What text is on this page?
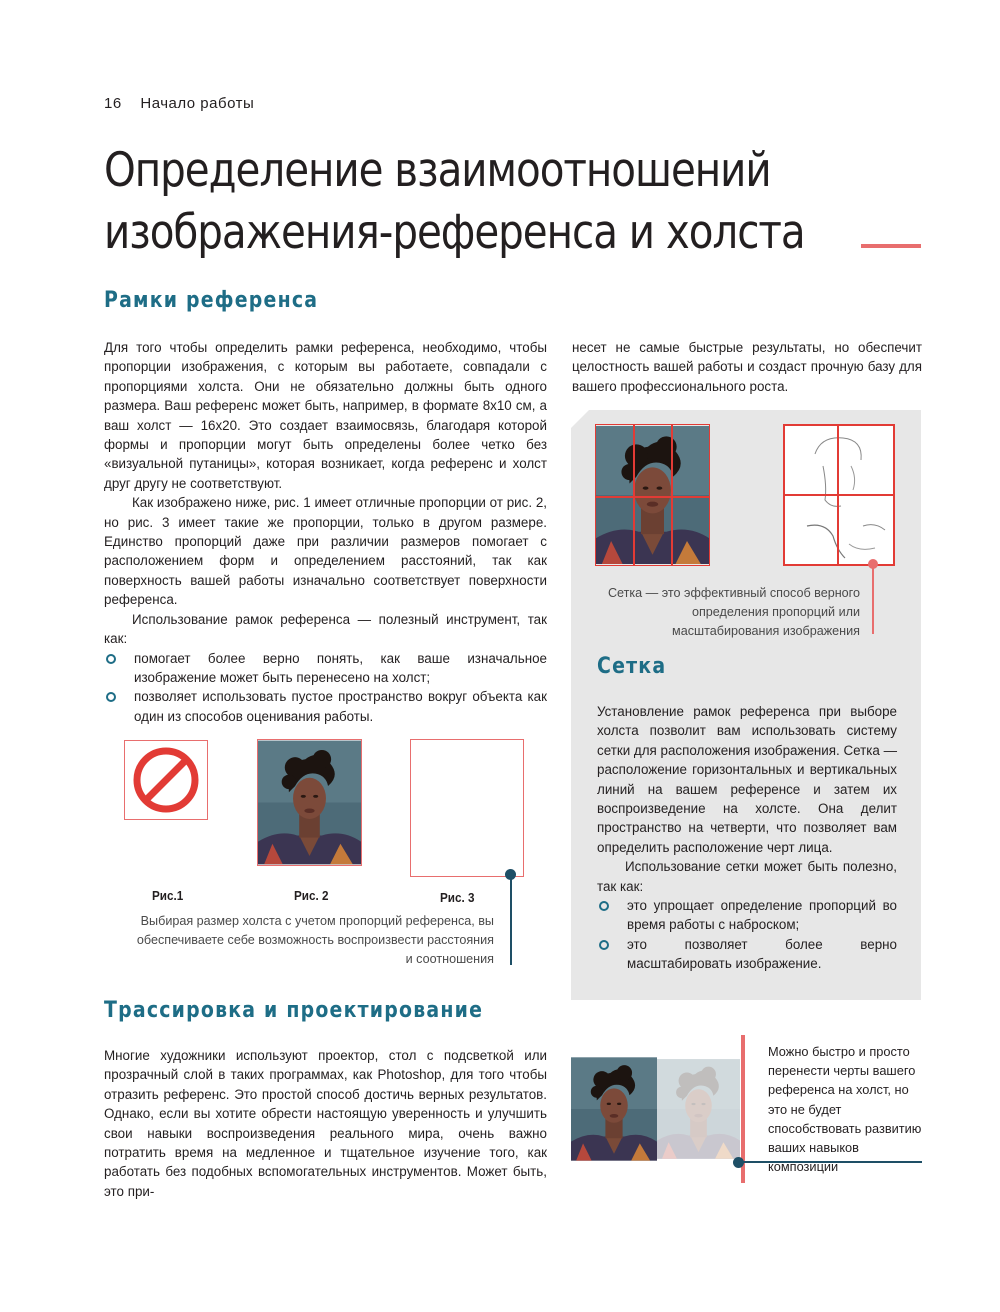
16 Начало работы
Определение взаимоотношений
изображения-референса и холста
Рамки референса

Для того чтобы определить рамки референса, необходимо, чтобы пропорции изображения, с которым вы работаете, совпадали с пропорциями холста. Они не обязательно должны быть одного размера. Ваш референс может быть, например, в формате 8x10 см, а ваш холст — 16x20. Это создает взаимосвязь, благодаря которой формы и пропорции могут быть определены более четко без «визуальной путаницы», которая возникает, когда референс и холст друг другу не соответствуют.

Как изображено ниже, рис. 1 имеет отличные пропорции от рис. 2, но рис. 3 имеет такие же пропорции, только в другом размере. Единство пропорций даже при различии размеров помогает с расположением форм и определением расстояний, так как поверхность вашей работы изначально соответствует поверхности референса.

Использование рамок референса — полезный инструмент, так как:

помогает более верно понять, как ваше изначальное изображение может быть перенесено на холст;
позволяет использовать пустое пространство вокруг объекта как один из способов оценивания работы.
Рис.1	Рис. 2	Рис. 3
Выбирая размер холста с учетом пропорций референса, вы обеспечиваете себе возможность воспроизвести расстояния и соотношения
Трассировка и проектирование
Многие художники используют проектор, стол с подсветкой или прозрачный слой в таких программах, как Photoshop, для того чтобы отразить референс. Это простой способ достичь верных результатов. Однако, если вы хотите обрести настоящую уверенность и улучшить свои навыки воспроизведения реального мира, очень важно потратить время на медленное и тщательное изучение того, как работать без подобных вспомогательных инструментов. Может быть, это при-
несет не самые быстрые результаты, но обеспечит целостность вашей работы и создаст прочную базу для вашего профессионального роста.
Сетка — это эффективный способ верного определения пропорций или масштабирования изображения
Сетка

Установление рамок референса при выборе холста позволит вам использовать систему сетки для расположения изображения. Сетка — расположение горизонтальных и вертикальных линий на вашем референсе и затем их воспроизведение на холсте. Она делит пространство на четверти, что позволяет вам определить расположение черт лица.

Использование сетки может быть полезно, так как:

это упрощает определение пропорций во время работы с наброском;
это позволяет более верно масштабировать изображение.
Можно быстро и просто перенести черты вашего референса на холст, но это не будет способствовать развитию ваших навыков композиции
